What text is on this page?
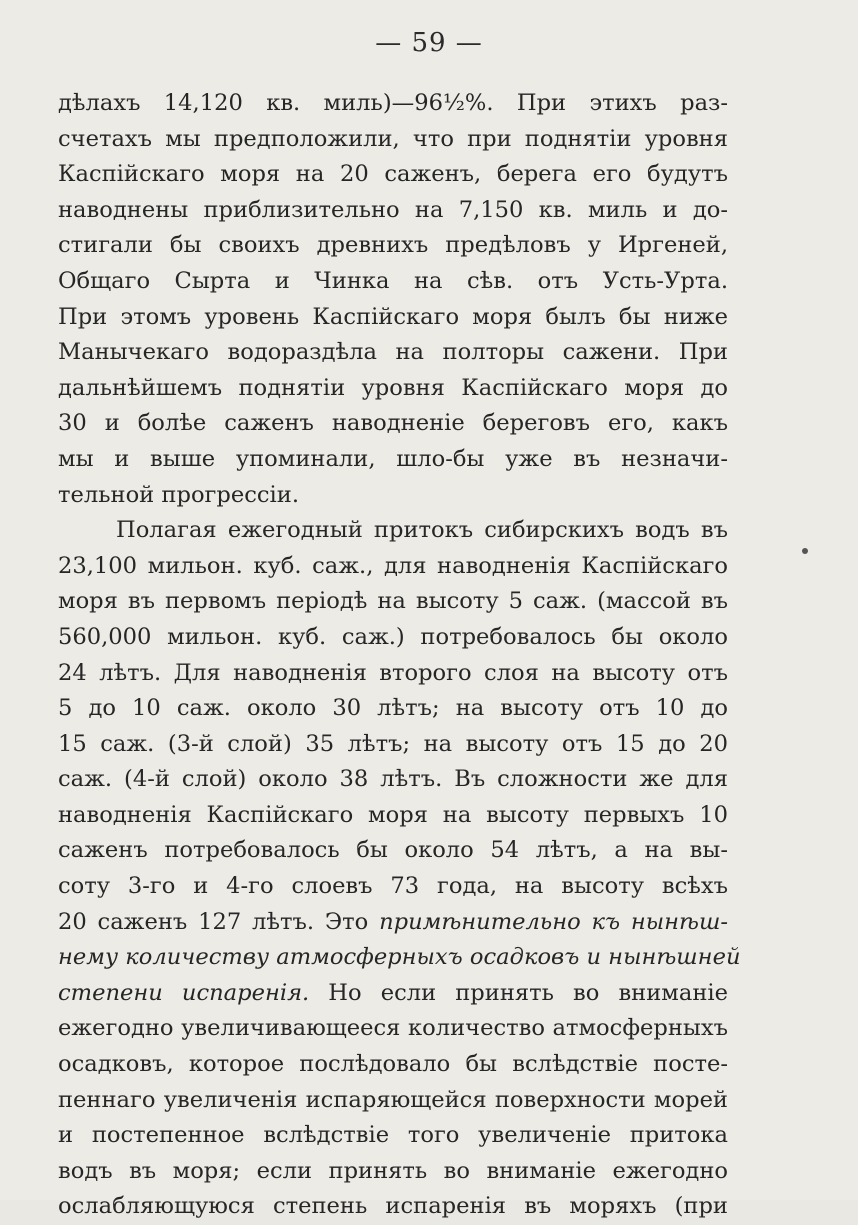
— 59 —
дѣлахъ 14,120 кв. миль)—96½%. При этихъ раз-
счетахъ мы предположили, что при поднятіи уровня
Каспійскаго моря на 20 саженъ, берега его будутъ
наводнены приблизительно на 7,150 кв. миль и до-
стигали бы своихъ древнихъ предѣловъ у Иргеней,
Общаго Сырта и Чинка на сѣв. отъ Усть-Урта.
При этомъ уровень Каспійскаго моря былъ бы ниже
Манычекаго водораздѣла на полторы сажени. При
дальнѣйшемъ поднятіи уровня Каспійскаго моря до
30 и болѣе саженъ наводненіе береговъ его, какъ
мы и выше упоминали, шло-бы уже въ незначи-
тельной прогрессіи.
Полагая ежегодный притокъ сибирскихъ водъ въ
23,100 мильон. куб. саж., для наводненія Каспійскаго
моря въ первомъ періодѣ на высоту 5 саж. (массой въ
560,000 мильон. куб. саж.) потребовалось бы около
24 лѣтъ. Для наводненія второго слоя на высоту отъ
5 до 10 саж. около 30 лѣтъ; на высоту отъ 10 до
15 саж. (3-й слой) 35 лѣтъ; на высоту отъ 15 до 20
саж. (4-й слой) около 38 лѣтъ. Въ сложности же для
наводненія Каспійскаго моря на высоту первыхъ 10
саженъ потребовалось бы около 54 лѣтъ, а на вы-
соту 3-го и 4-го слоевъ 73 года, на высоту всѣхъ
20 саженъ 127 лѣтъ. Это примѣнительно къ нынѣш-
нему количеству атмосферныхъ осадковъ и нынѣшней
степени испаренія. Но если принять во вниманіе
ежегодно увеличивающееся количество атмосферныхъ
осадковъ, которое послѣдовало бы вслѣдствіе посте-
пеннаго увеличенія испаряющейся поверхности морей
и постепенное вслѣдствіе того увеличеніе притока
водъ въ моря; если принять во вниманіе ежегодно
ослабляющуюся степень испаренія въ моряхъ (при
